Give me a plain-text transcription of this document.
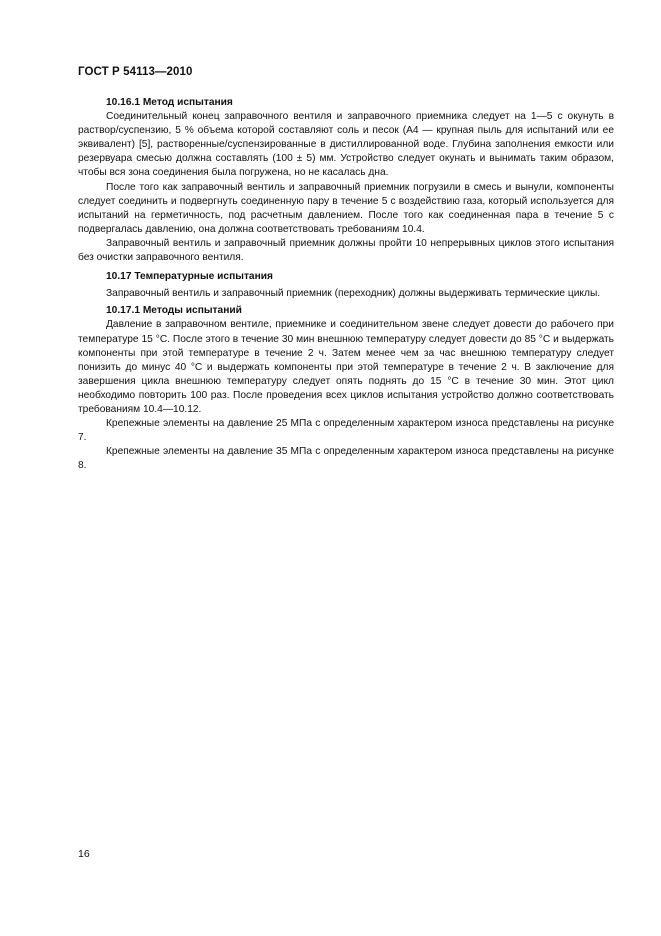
ГОСТ Р 54113—2010
10.16.1 Метод испытания

Соединительный конец заправочного вентиля и заправочного приемника следует на 1—5 с окунуть в раствор/суспензию, 5 % объема которой составляют соль и песок (А4 — крупная пыль для испытаний или ее эквивалент) [5], растворенные/суспензированные в дистиллированной воде. Глубина заполнения емкости или резервуара смесью должна составлять (100 ± 5) мм. Устройство следует окунать и вынимать таким образом, чтобы вся зона соединения была погружена, но не касалась дна.

После того как заправочный вентиль и заправочный приемник погрузили в смесь и вынули, компоненты следует соединить и подвергнуть соединенную пару в течение 5 с воздействию газа, который используется для испытаний на герметичность, под расчетным давлением. После того как соединенная пара в течение 5 с подвергалась давлению, она должна соответствовать требованиям 10.4.

Заправочный вентиль и заправочный приемник должны пройти 10 непрерывных циклов этого испытания без очистки заправочного вентиля.

10.17 Температурные испытания

Заправочный вентиль и заправочный приемник (переходник) должны выдерживать термические циклы.

10.17.1 Методы испытаний

Давление в заправочном вентиле, приемнике и соединительном звене следует довести до рабочего при температуре 15 °С. После этого в течение 30 мин внешнюю температуру следует довести до 85 °С и выдержать компоненты при этой температуре в течение 2 ч. Затем менее чем за час внешнюю температуру следует понизить до минус 40 °С и выдержать компоненты при этой температуре в течение 2 ч. В заключение для завершения цикла внешнюю температуру следует опять поднять до 15 °С в течение 30 мин. Этот цикл необходимо повторить 100 раз. После проведения всех циклов испытания устройство должно соответствовать требованиям 10.4—10.12.

Крепежные элементы на давление 25 МПа с определенным характером износа представлены на рисунке 7.

Крепежные элементы на давление 35 МПа с определенным характером износа представлены на рисунке 8.

16
